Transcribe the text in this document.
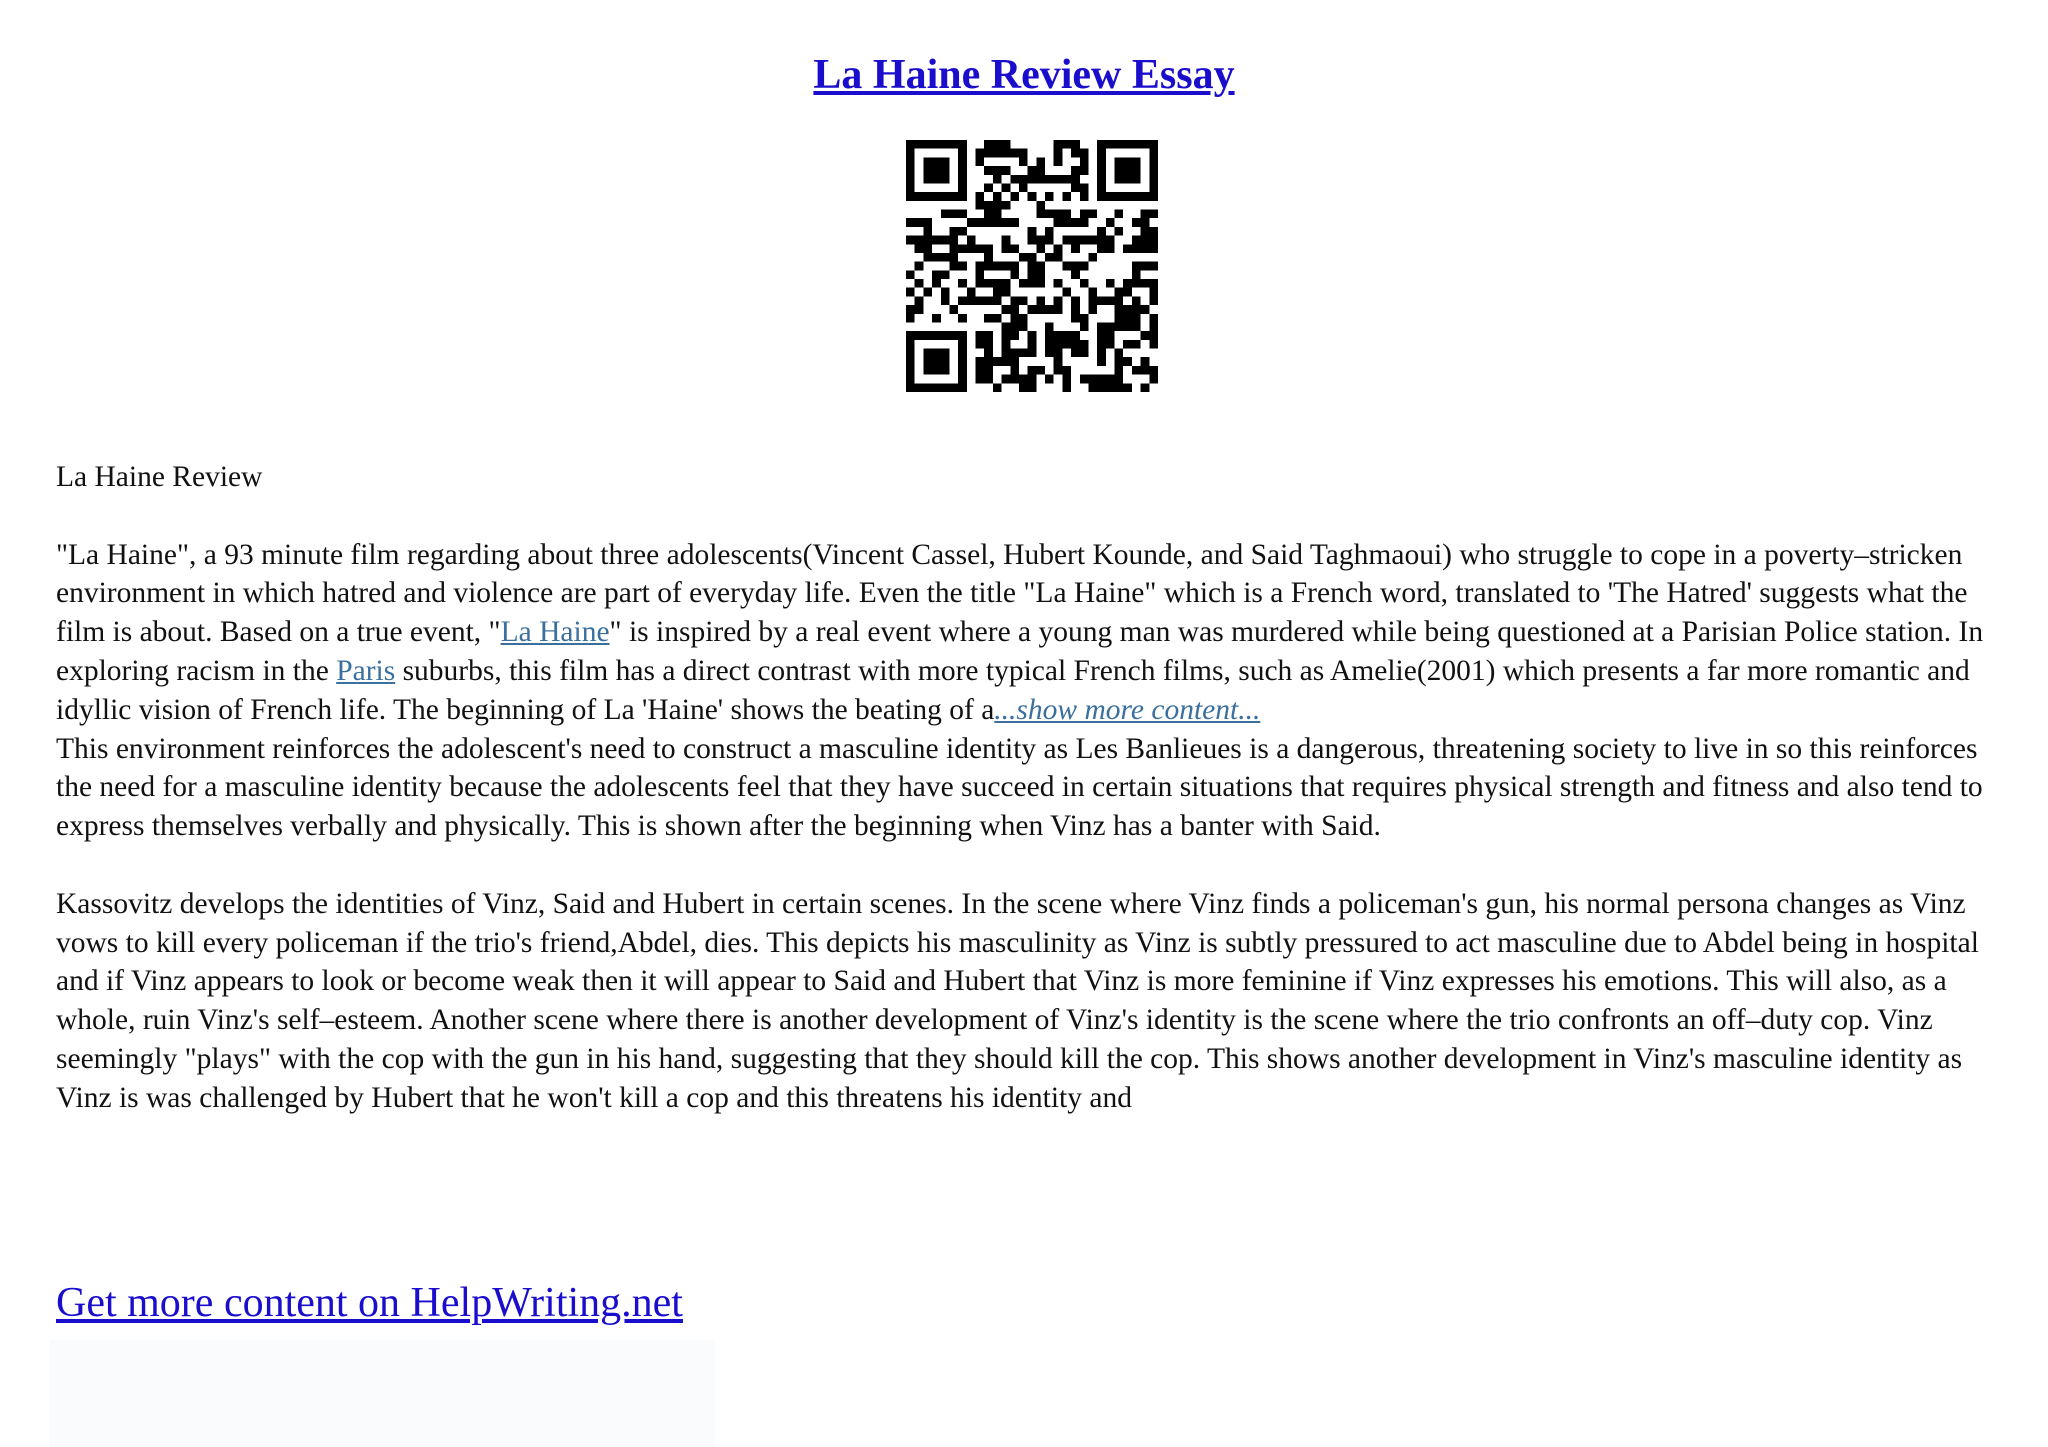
La Haine Review Essay

La Haine Review

"La Haine", a 93 minute film regarding about three adolescents(Vincent Cassel, Hubert Kounde, and Said Taghmaoui) who struggle to cope in a poverty–stricken environment in which hatred and violence are part of everyday life. Even the title "La Haine" which is a French word, translated to 'The Hatred' suggests what the film is about. Based on a true event, "La Haine" is inspired by a real event where a young man was murdered while being questioned at a Parisian Police station. In exploring racism in the Paris suburbs, this film has a direct contrast with more typical French films, such as Amelie(2001) which presents a far more romantic and idyllic vision of French life. The beginning of La 'Haine' shows the beating of a...show more content...

This environment reinforces the adolescent's need to construct a masculine identity as Les Banlieues is a dangerous, threatening society to live in so this reinforces the need for a masculine identity because the adolescents feel that they have succeed in certain situations that requires physical strength and fitness and also tend to express themselves verbally and physically. This is shown after the beginning when Vinz has a banter with Said.

Kassovitz develops the identities of Vinz, Said and Hubert in certain scenes. In the scene where Vinz finds a policeman's gun, his normal persona changes as Vinz vows to kill every policeman if the trio's friend,Abdel, dies. This depicts his masculinity as Vinz is subtly pressured to act masculine due to Abdel being in hospital and if Vinz appears to look or become weak then it will appear to Said and Hubert that Vinz is more feminine if Vinz expresses his emotions. This will also, as a whole, ruin Vinz's self–esteem. Another scene where there is another development of Vinz's identity is the scene where the trio confronts an off–duty cop. Vinz seemingly "plays" with the cop with the gun in his hand, suggesting that they should kill the cop. This shows another development in Vinz's masculine identity as Vinz is was challenged by Hubert that he won't kill a cop and this threatens his identity and

Get more content on HelpWriting.net
